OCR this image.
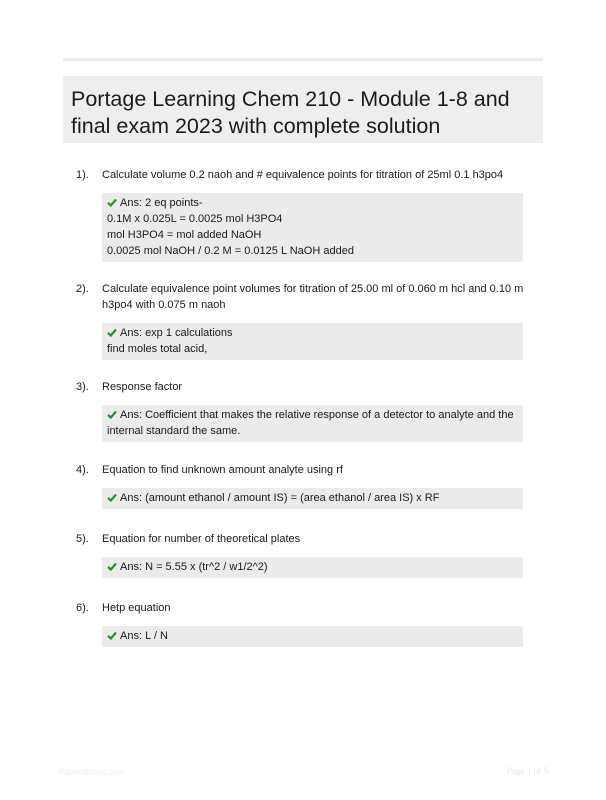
Portage Learning Chem 210 - Module 1-8 and final exam 2023 with complete solution
1). Calculate volume 0.2 naoh and # equivalence points for titration of 25ml 0.1 h3po4
Ans: 2 eq points-
0.1M x 0.025L = 0.0025 mol H3PO4
mol H3PO4 = mol added NaOH
0.0025 mol NaOH / 0.2 M = 0.0125 L NaOH added
2). Calculate equivalence point volumes for titration of 25.00 ml of 0.060 m hcl and 0.10 m h3po4 with 0.075 m naoh
Ans: exp 1 calculations
find moles total acid,
3). Response factor
Ans: Coefficient that makes the relative response of a detector to analyte and the internal standard the same.
4). Equation to find unknown amount analyte using rf
Ans: (amount ethanol / amount IS) = (area ethanol / area IS) x RF
5). Equation for number of theoretical plates
Ans: N = 5.55 x (tr^2 / w1/2^2)
6). Hetp equation
Ans: L / N
Paperlibrary.com	Page 1 of 5
